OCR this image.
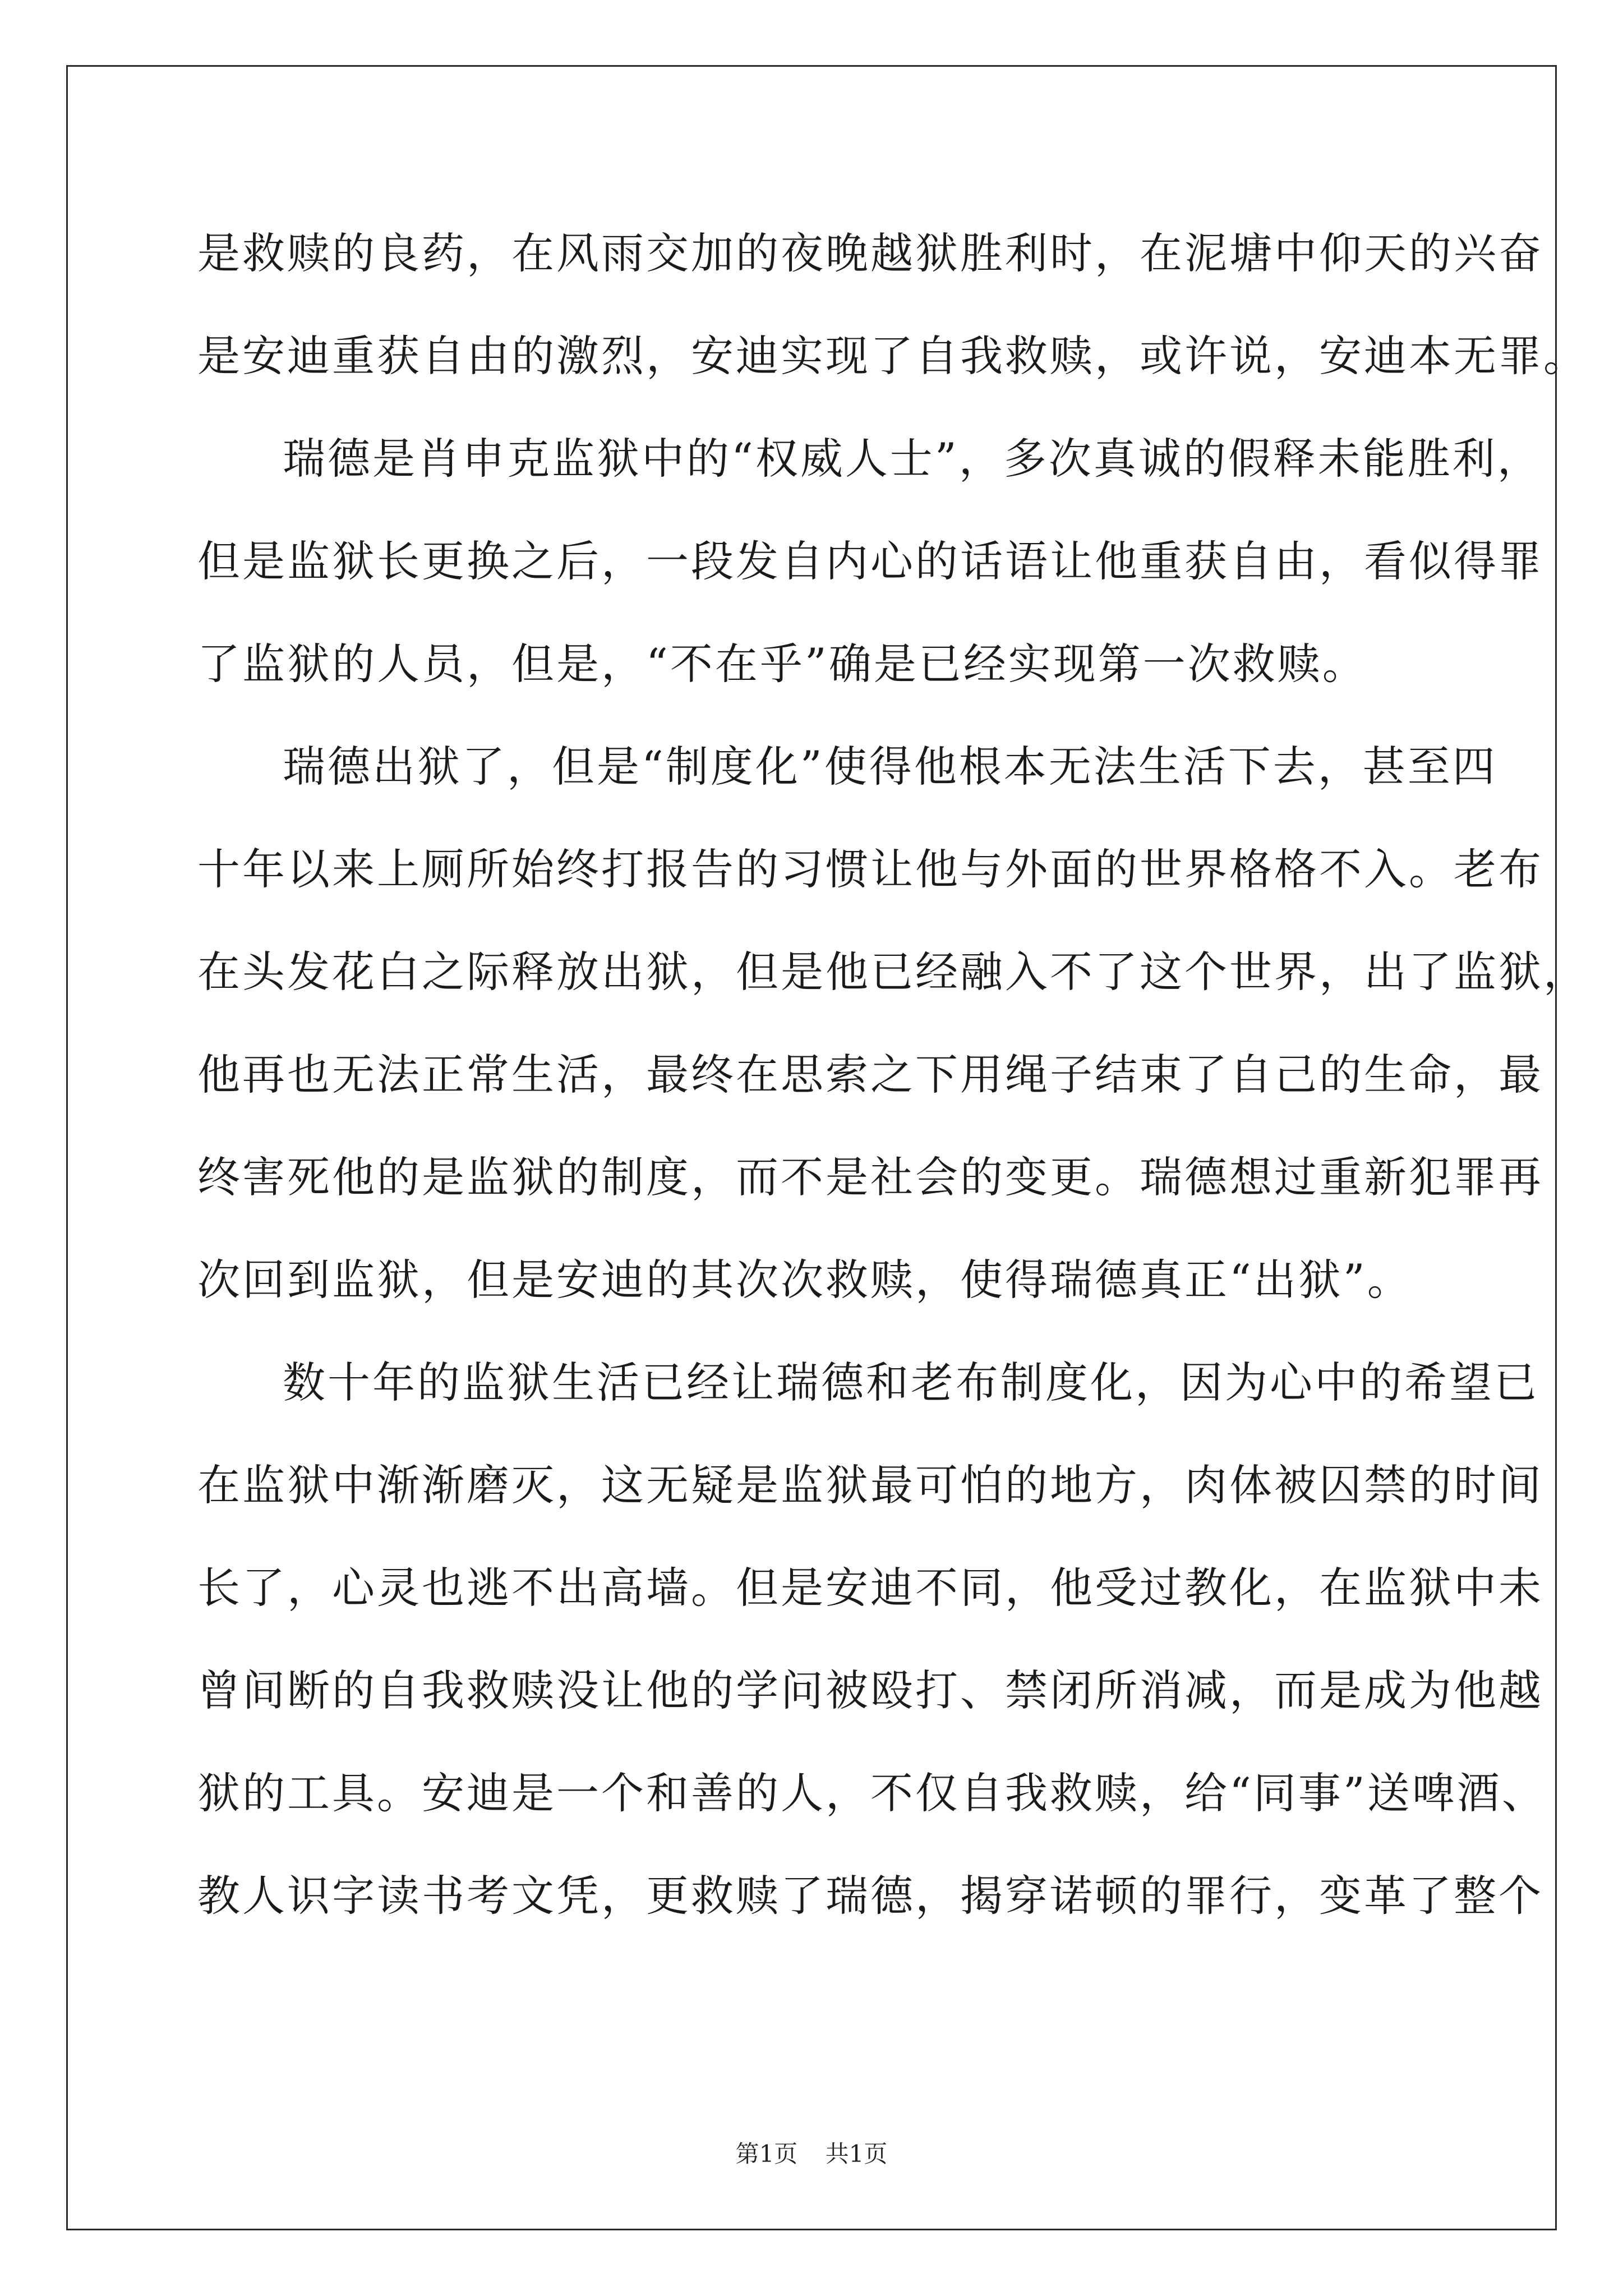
是救赎的良药，在风雨交加的夜晚越狱胜利时，在泥塘中仰天的兴奋
是安迪重获自由的激烈，安迪实现了自我救赎，或许说，安迪本无罪。
瑞德是肖申克监狱中的“权威人士”，多次真诚的假释未能胜利，
但是监狱长更换之后，一段发自内心的话语让他重获自由，看似得罪
了监狱的人员，但是，“不在乎”确是已经实现第一次救赎。
瑞德出狱了，但是“制度化”使得他根本无法生活下去，甚至四
十年以来上厕所始终打报告的习惯让他与外面的世界格格不入。老布
在头发花白之际释放出狱，但是他已经融入不了这个世界，出了监狱，
他再也无法正常生活，最终在思索之下用绳子结束了自己的生命，最
终害死他的是监狱的制度，而不是社会的变更。瑞德想过重新犯罪再
次回到监狱，但是安迪的其次次救赎，使得瑞德真正“出狱”。
数十年的监狱生活已经让瑞德和老布制度化，因为心中的希望已
在监狱中渐渐磨灭，这无疑是监狱最可怕的地方，肉体被囚禁的时间
长了，心灵也逃不出高墙。但是安迪不同，他受过教化，在监狱中未
曾间断的自我救赎没让他的学问被殴打、禁闭所消减，而是成为他越
狱的工具。安迪是一个和善的人，不仅自我救赎，给“同事”送啤酒、
教人识字读书考文凭，更救赎了瑞德，揭穿诺顿的罪行，变革了整个
第1页 共1页
